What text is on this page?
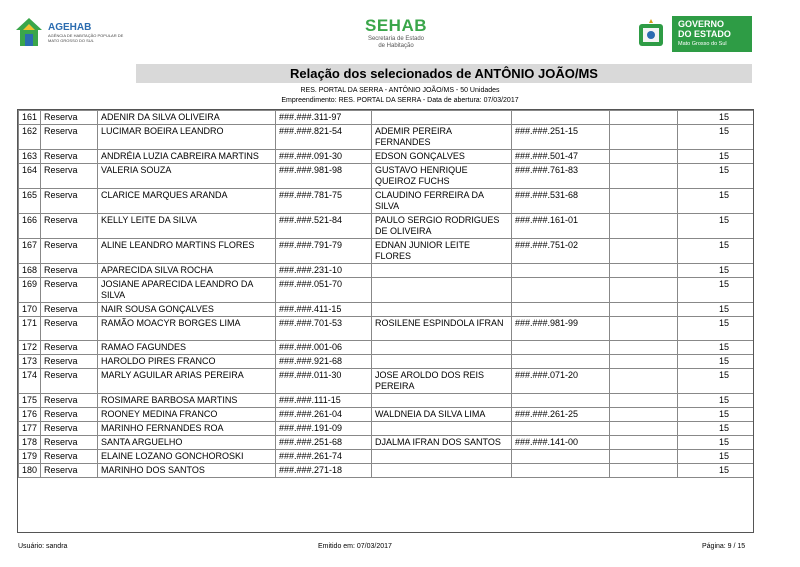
AGEHAB
AGÊNCIA DE HABITAÇÃO POPULAR DE MATO GROSSO DO SUL
SEHAB
Secretaria de Estado
de Habitação
GOVERNO
DO ESTADO
Mato Grosso do Sul
Relação dos selecionados de ANTÔNIO JOÃO/MS
RES. PORTAL DA SERRA - ANTÔNIO JOÃO/MS - 50 Unidades
Empreendimento: RES. PORTAL DA SERRA - Data de abertura: 07/03/2017
161	Reserva	ADENIR DA SILVA OLIVEIRA	###.###.311-97				15
162	Reserva	LUCIMAR BOEIRA LEANDRO	###.###.821-54	ADEMIR PEREIRA FERNANDES	###.###.251-15		15
163	Reserva	ANDRÉIA LUZIA CABREIRA MARTINS	###.###.091-30	EDSON GONÇALVES	###.###.501-47		15
164	Reserva	VALERIA SOUZA	###.###.981-98	GUSTAVO HENRIQUE QUEIROZ FUCHS	###.###.761-83		15
165	Reserva	CLARICE MARQUES ARANDA	###.###.781-75	CLAUDINO FERREIRA DA SILVA	###.###.531-68		15
166	Reserva	KELLY LEITE DA SILVA	###.###.521-84	PAULO SERGIO RODRIGUES DE OLIVEIRA	###.###.161-01		15
167	Reserva	ALINE LEANDRO MARTINS FLORES	###.###.791-79	EDNAN JUNIOR LEITE FLORES	###.###.751-02		15
168	Reserva	APARECIDA SILVA ROCHA	###.###.231-10				15
169	Reserva	JOSIANE APARECIDA LEANDRO DA SILVA	###.###.051-70				15
170	Reserva	NAIR SOUSA GONÇALVES	###.###.411-15				15
171	Reserva	RAMÃO MOACYR BORGES LIMA	###.###.701-53	ROSILENE ESPINDOLA IFRAN	###.###.981-99		15
172	Reserva	RAMAO FAGUNDES	###.###.001-06				15
173	Reserva	HAROLDO PIRES FRANCO	###.###.921-68				15
174	Reserva	MARLY AGUILAR ARIAS PEREIRA	###.###.011-30	JOSE AROLDO DOS REIS PEREIRA	###.###.071-20		15
175	Reserva	ROSIMARE BARBOSA MARTINS	###.###.111-15				15
176	Reserva	ROONEY MEDINA FRANCO	###.###.261-04	WALDNEIA DA SILVA LIMA	###.###.261-25		15
177	Reserva	MARINHO FERNANDES ROA	###.###.191-09				15
178	Reserva	SANTA ARGUELHO	###.###.251-68	DJALMA IFRAN DOS SANTOS	###.###.141-00		15
179	Reserva	ELAINE LOZANO GONCHOROSKI	###.###.261-74				15
180	Reserva	MARINHO DOS SANTOS	###.###.271-18				15
Usuário: sandra	Emitido em: 07/03/2017	Página: 9 / 15
